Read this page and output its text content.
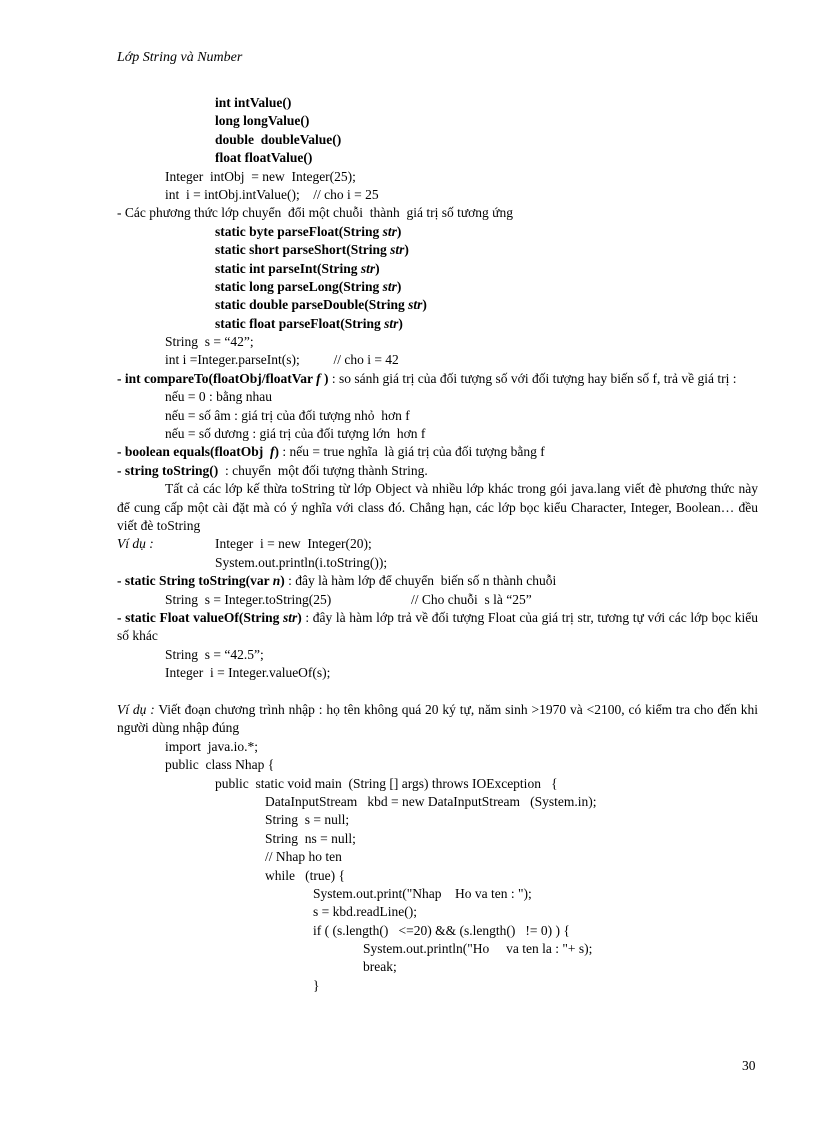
Lớp String và Number
int intValue()
long longValue()
double  doubleValue()
float floatValue()
Integer  intObj  = new  Integer(25);
int  i = intObj.intValue();    // cho i = 25
- Các phương thức lớp chuyển  đổi một chuỗi  thành  giá trị số tương ứng
static byte parseFloat(String str)
static short parseShort(String str)
static int parseInt(String str)
static long parseLong(String str)
static double parseDouble(String str)
static float parseFloat(String str)
String  s = “42”;
int i =Integer.parseInt(s);          // cho i = 42
- int compareTo(floatObj/floatVar f ) : so sánh giá trị của đối tượng số với đối tượng hay biến số f, trả về giá trị :
nếu = 0 : bằng nhau
nếu = số âm : giá trị của đối tượng nhỏ  hơn f
nếu = số dương : giá trị của đối tượng lớn  hơn f
- boolean equals(floatObj  f) : nếu = true nghĩa  là giá trị của đối tượng bằng f
- string toString()  : chuyển  một đối tượng thành String.
Tất cả các lớp kế thừa toString từ lớp Object và nhiều lớp khác trong gói java.lang viết đè phương thức này để cung cấp một cài đặt mà có ý nghĩa với class đó. Chẳng hạn, các lớp bọc kiểu Character, Integer, Boolean… đều viết đè toString
Ví dụ :	Integer  i = new  Integer(20);
System.out.println(i.toString());
- static String toString(var n) : đây là hàm lớp để chuyển  biến số n thành chuỗi
String  s = Integer.toString(25)	// Cho chuỗi  s là “25”
- static Float valueOf(String str) : đây là hàm lớp trả về đối tượng Float của giá trị str, tương tự với các lớp bọc kiểu số khác
String  s = “42.5”;
Integer  i = Integer.valueOf(s);
Ví dụ : Viết đoạn chương trình nhập : họ tên không quá 20 ký tự, năm sinh >1970 và <2100, có kiểm tra cho đến khi người dùng nhập đúng
import  java.io.*;
public  class Nhap {
public  static void main  (String [] args) throws IOException   {
DataInputStream   kbd = new DataInputStream   (System.in);
String  s = null;
String  ns = null;
// Nhap ho ten
while   (true) {
System.out.print("Nhap    Ho va ten : ");
s = kbd.readLine();
if ( (s.length()   <=20) && (s.length()   != 0) ) {
System.out.println("Ho     va ten la : "+ s);
break;
}
30
